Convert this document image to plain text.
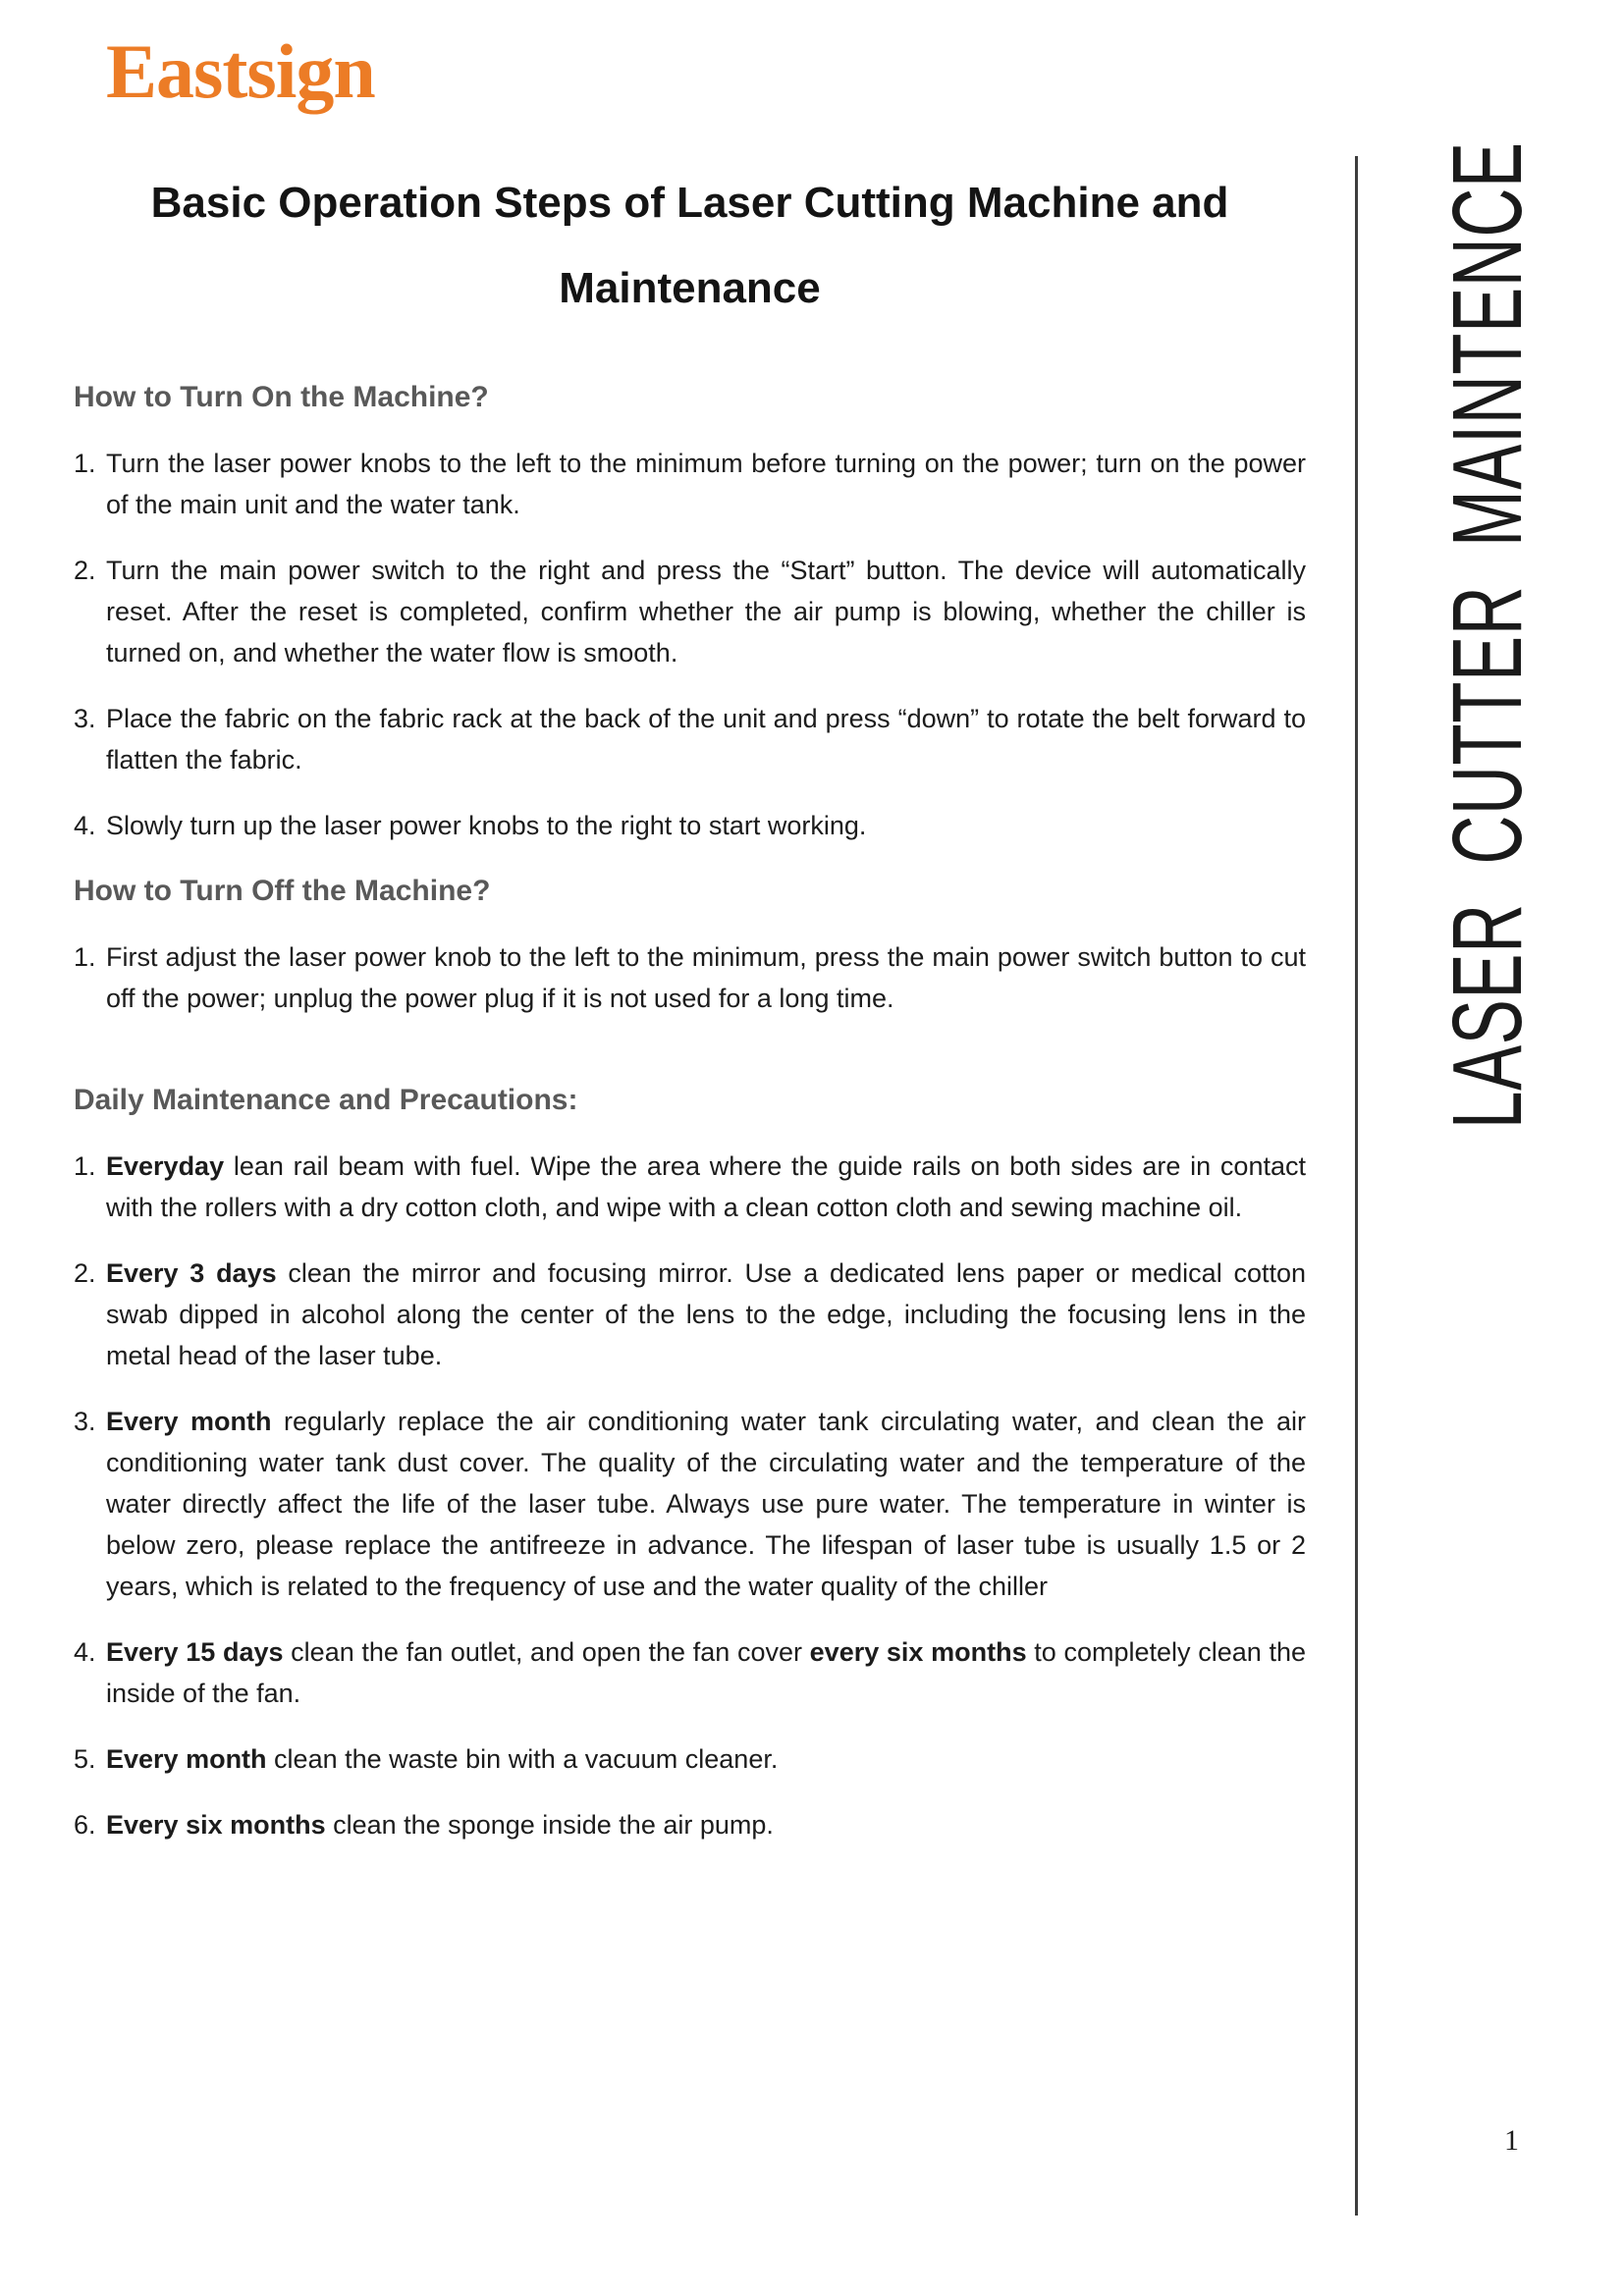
Eastsign
Basic Operation Steps of Laser Cutting Machine and
Maintenance
How to Turn On the Machine?
1. Turn the laser power knobs to the left to the minimum before turning on the power; turn on the power of the main unit and the water tank.
2. Turn the main power switch to the right and press the “Start” button. The device will automatically reset. After the reset is completed, confirm whether the air pump is blowing, whether the chiller is turned on, and whether the water flow is smooth.
3. Place the fabric on the fabric rack at the back of the unit and press “down” to rotate the belt forward to flatten the fabric.
4. Slowly turn up the laser power knobs to the right to start working.
How to Turn Off the Machine?
1. First adjust the laser power knob to the left to the minimum, press the main power switch button to cut off the power; unplug the power plug if it is not used for a long time.
Daily Maintenance and Precautions:
1. Everyday lean rail beam with fuel. Wipe the area where the guide rails on both sides are in contact with the rollers with a dry cotton cloth, and wipe with a clean cotton cloth and sewing machine oil.
2. Every 3 days clean the mirror and focusing mirror. Use a dedicated lens paper or medical cotton swab dipped in alcohol along the center of the lens to the edge, including the focusing lens in the metal head of the laser tube.
3. Every month regularly replace the air conditioning water tank circulating water, and clean the air conditioning water tank dust cover. The quality of the circulating water and the temperature of the water directly affect the life of the laser tube. Always use pure water. The temperature in winter is below zero, please replace the antifreeze in advance. The lifespan of laser tube is usually 1.5 or 2 years, which is related to the frequency of use and the water quality of the chiller
4. Every 15 days clean the fan outlet, and open the fan cover every six months to completely clean the inside of the fan.
5. Every month clean the waste bin with a vacuum cleaner.
6. Every six months clean the sponge inside the air pump.
LASER  CUTTER  MAINTENCE
1
